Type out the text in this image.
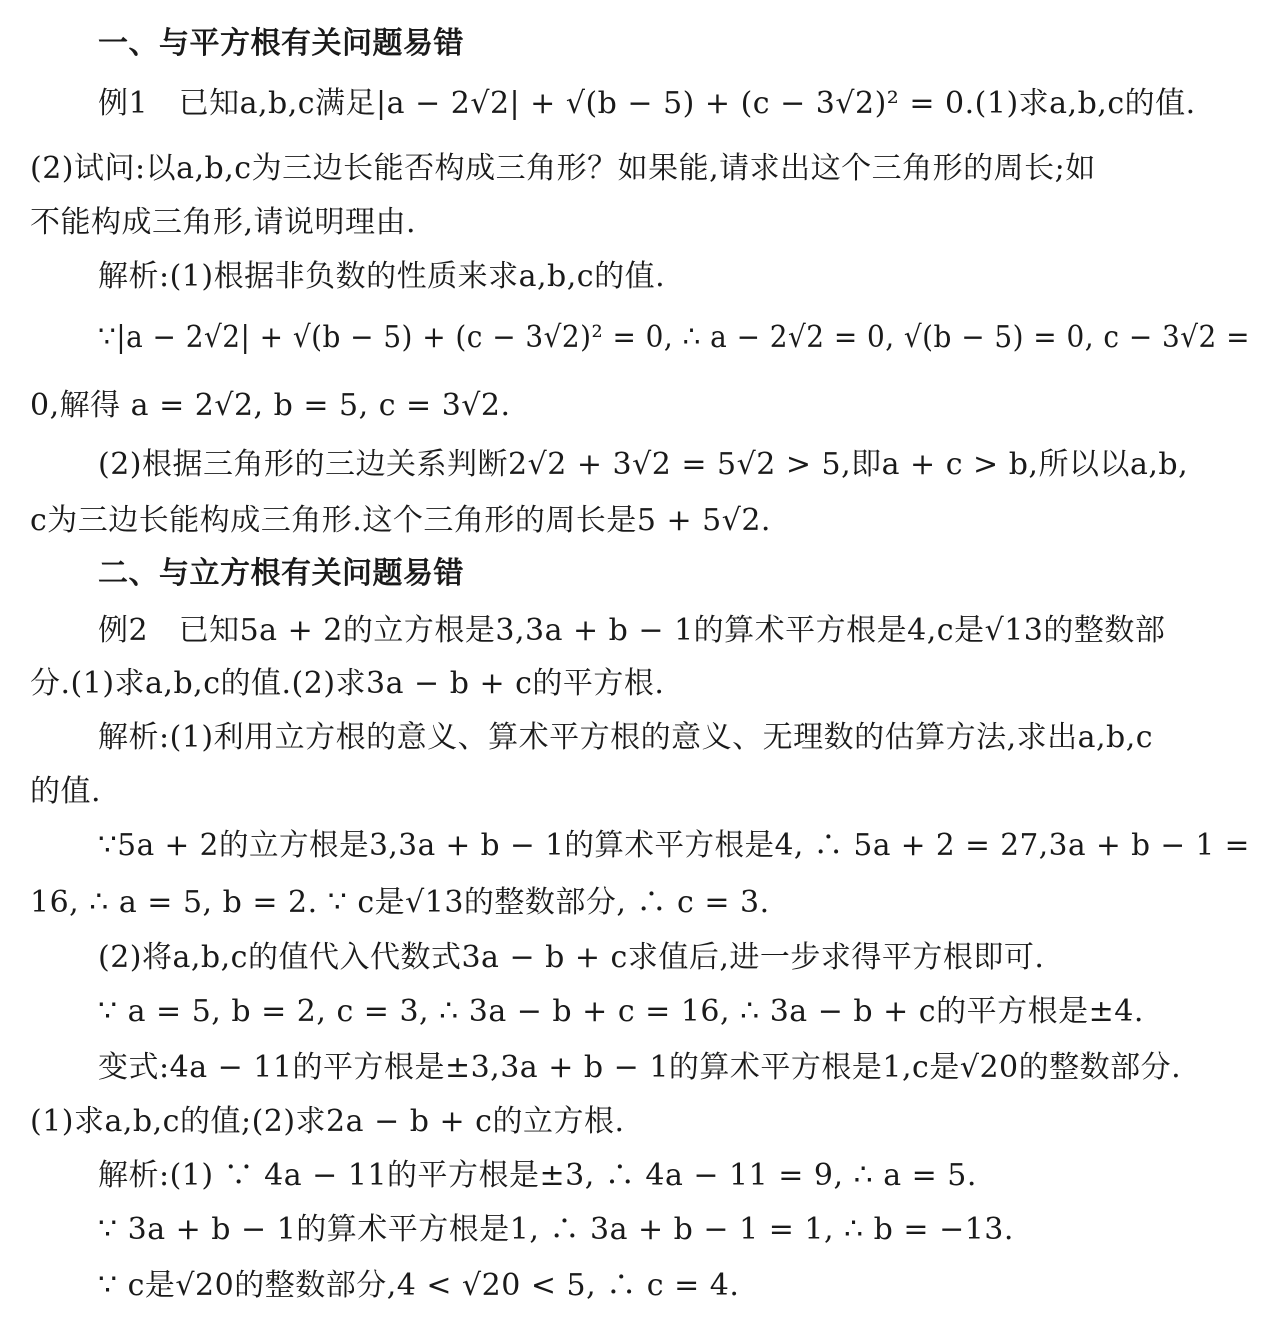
一、与平方根有关问题易错
例1　已知a,b,c满足|a − 2√2| + √(b − 5) + (c − 3√2)² = 0.(1)求a,b,c的值.
(2)试问:以a,b,c为三边长能否构成三角形？如果能,请求出这个三角形的周长;如
不能构成三角形,请说明理由.
解析:(1)根据非负数的性质来求a,b,c的值.
∵|a − 2√2| + √(b − 5) + (c − 3√2)² = 0, ∴ a − 2√2 = 0, √(b − 5) = 0, c − 3√2 =
0,解得 a = 2√2, b = 5, c = 3√2.
(2)根据三角形的三边关系判断2√2 + 3√2 = 5√2 > 5,即a + c > b,所以以a,b,
c为三边长能构成三角形.这个三角形的周长是5 + 5√2.
二、与立方根有关问题易错
例2　已知5a + 2的立方根是3,3a + b − 1的算术平方根是4,c是√13的整数部
分.(1)求a,b,c的值.(2)求3a − b + c的平方根.
解析:(1)利用立方根的意义、算术平方根的意义、无理数的估算方法,求出a,b,c
的值.
∵5a + 2的立方根是3,3a + b − 1的算术平方根是4, ∴ 5a + 2 = 27,3a + b − 1 =
16, ∴ a = 5, b = 2. ∵ c是√13的整数部分, ∴ c = 3.
(2)将a,b,c的值代入代数式3a − b + c求值后,进一步求得平方根即可.
∵ a = 5, b = 2, c = 3, ∴ 3a − b + c = 16, ∴ 3a − b + c的平方根是±4.
变式:4a − 11的平方根是±3,3a + b − 1的算术平方根是1,c是√20的整数部分.
(1)求a,b,c的值;(2)求2a − b + c的立方根.
解析:(1) ∵ 4a − 11的平方根是±3, ∴ 4a − 11 = 9, ∴ a = 5.
∵ 3a + b − 1的算术平方根是1, ∴ 3a + b − 1 = 1, ∴ b = −13.
∵ c是√20的整数部分,4 < √20 < 5, ∴ c = 4.
